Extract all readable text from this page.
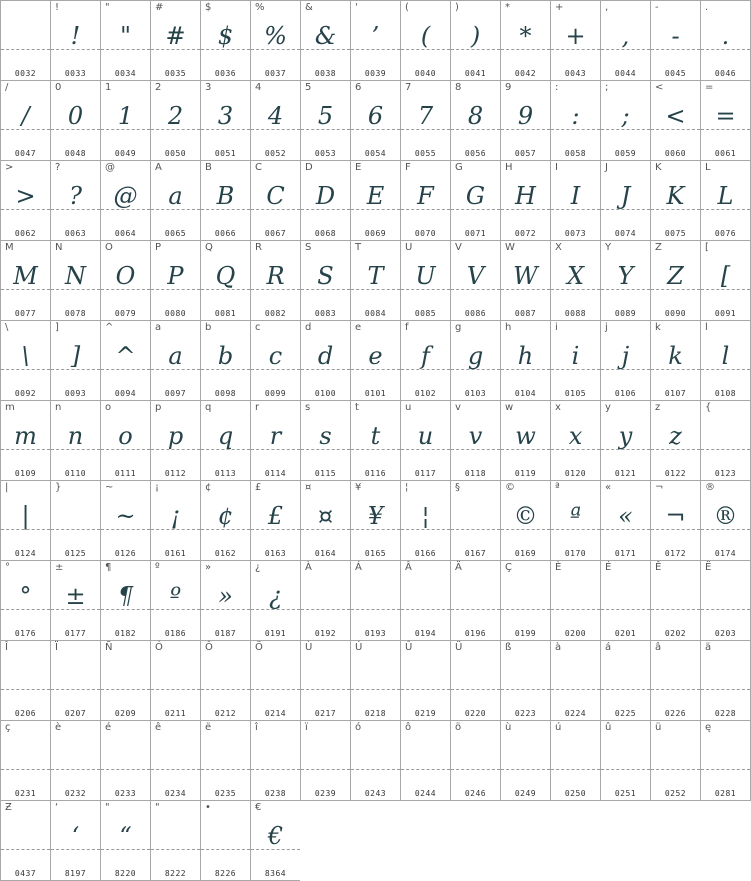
0032
!
!
0033
"
"
0034
#
#
0035
$
$
0036
%
%
0037
&
&
0038
'
’
0039
(
(
0040
)
)
0041
*
*
0042
+
+
0043
,
,
0044
-
-
0045
.
.
0046
/
/
0047
0
0
0048
1
1
0049
2
2
0050
3
3
0051
4
4
0052
5
5
0053
6
6
0054
7
7
0055
8
8
0056
9
9
0057
:
:
0058
;
;
0059
<
<
0060
=
=
0061
>
>
0062
?
?
0063
@
@
0064
A
a
0065
B
B
0066
C
C
0067
D
D
0068
E
E
0069
F
F
0070
G
G
0071
H
H
0072
I
I
0073
J
J
0074
K
K
0075
L
L
0076
M
M
0077
N
N
0078
O
O
0079
P
P
0080
Q
Q
0081
R
R
0082
S
S
0083
T
T
0084
U
U
0085
V
V
0086
W
W
0087
X
X
0088
Y
Y
0089
Z
Z
0090
[
[
0091
\
\
0092
]
]
0093
^
^
0094
a
a
0097
b
b
0098
c
c
0099
d
d
0100
e
e
0101
f
f
0102
g
g
0103
h
h
0104
i
i
0105
j
j
0106
k
k
0107
l
l
0108
m
m
0109
n
n
0110
o
o
0111
p
p
0112
q
q
0113
r
r
0114
s
s
0115
t
t
0116
u
u
0117
v
v
0118
w
w
0119
x
x
0120
y
y
0121
z
z
0122
{
0123
|
|
0124
}
0125
~
~
0126
¡
¡
0161
¢
¢
0162
£
£
0163
¤
¤
0164
¥
¥
0165
¦
¦
0166
§
0167
©
©
0169
ª
ª
0170
«
«
0171
¬
¬
0172
®
®
0174
°
°
0176
±
±
0177
¶
¶
0182
º
º
0186
»
»
0187
¿
¿
0191
À
0192
Á
0193
Â
0194
Ä
0196
Ç
0199
È
0200
É
0201
Ê
0202
Ë
0203
Î
0206
Ï
0207
Ñ
0209
Ó
0211
Ô
0212
Ö
0214
Ù
0217
Ú
0218
Û
0219
Ü
0220
ß
0223
à
0224
á
0225
â
0226
ä
0228
ç
0231
è
0232
é
0233
ê
0234
ë
0235
î
0238
ï
0239
ó
0243
ô
0244
ö
0246
ù
0249
ú
0250
û
0251
ü
0252
ę
0281
Ƶ
0437
‘
‘
8197
"
“
8220
"
8222
•
8226
€
€
8364
